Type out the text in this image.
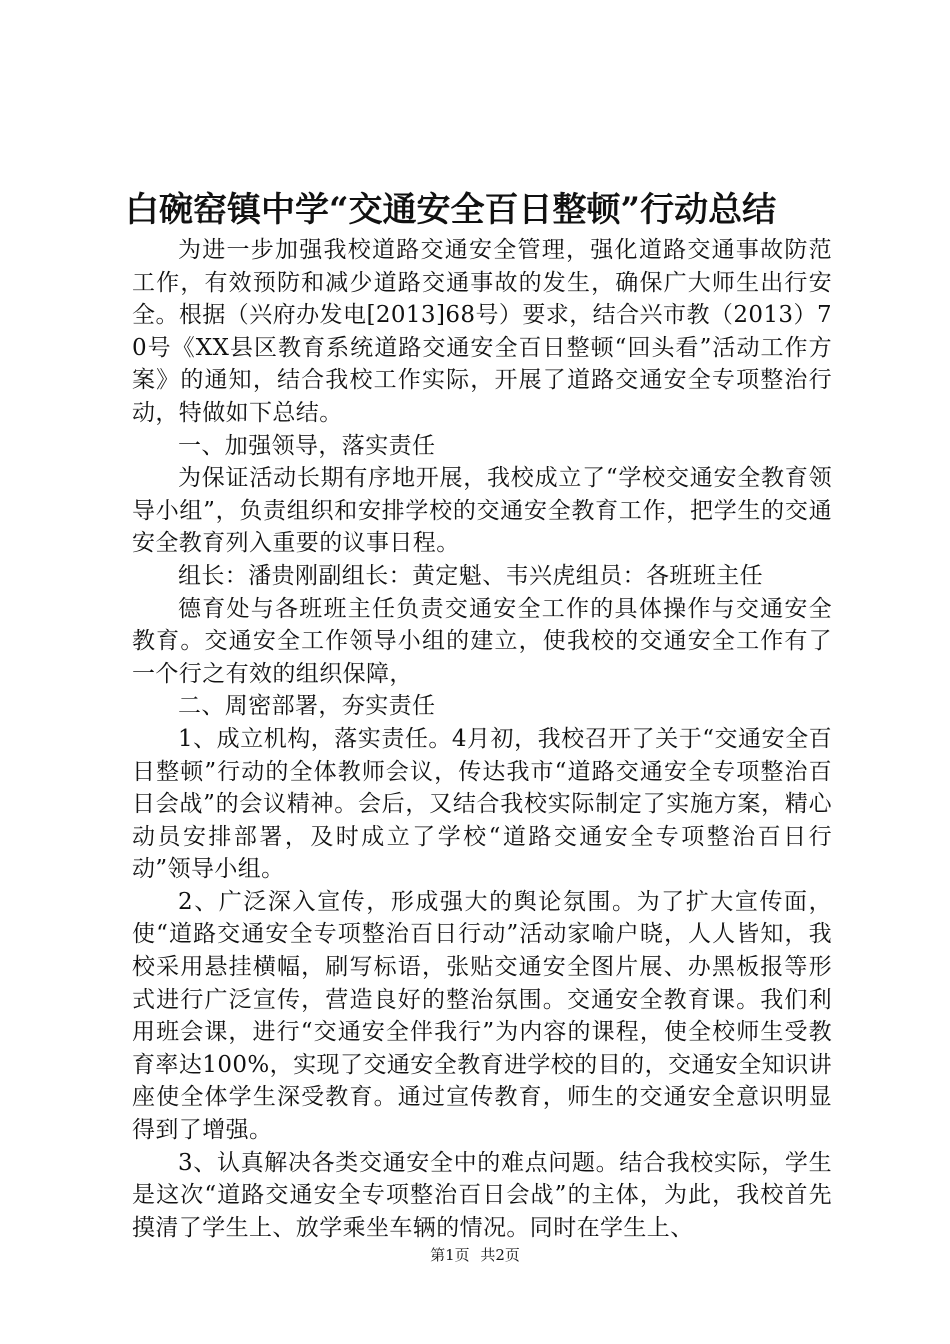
白碗窑镇中学“交通安全百日整顿”行动总结

为进一步加强我校道路交通安全管理，强化道路交通事故防范工作，有效预防和减少道路交通事故的发生，确保广大师生出行安全。根据（兴府办发电[2013]68号）要求，结合兴市教（2013）70号《XX县区教育系统道路交通安全百日整顿“回头看”活动工作方案》的通知，结合我校工作实际，开展了道路交通安全专项整治行动，特做如下总结。

一、加强领导，落实责任

为保证活动长期有序地开展，我校成立了“学校交通安全教育领导小组”，负责组织和安排学校的交通安全教育工作，把学生的交通安全教育列入重要的议事日程。

组长：潘贵刚副组长：黄定魁、韦兴虎组员：各班班主任

德育处与各班班主任负责交通安全工作的具体操作与交通安全教育。交通安全工作领导小组的建立，使我校的交通安全工作有了一个行之有效的组织保障，

二、周密部署，夯实责任

1、成立机构，落实责任。4月初，我校召开了关于“交通安全百日整顿”行动的全体教师会议，传达我市“道路交通安全专项整治百日会战”的会议精神。会后，又结合我校实际制定了实施方案，精心动员安排部署，及时成立了学校“道路交通安全专项整治百日行动”领导小组。

2、广泛深入宣传，形成强大的舆论氛围。为了扩大宣传面，使“道路交通安全专项整治百日行动”活动家喻户晓，人人皆知，我校采用悬挂横幅，刷写标语，张贴交通安全图片展、办黑板报等形式进行广泛宣传，营造良好的整治氛围。交通安全教育课。我们利用班会课，进行“交通安全伴我行”为内容的课程，使全校师生受教育率达100%，实现了交通安全教育进学校的目的，交通安全知识讲座使全体学生深受教育。通过宣传教育，师生的交通安全意识明显得到了增强。

3、认真解决各类交通安全中的难点问题。结合我校实际，学生是这次“道路交通安全专项整治百日会战”的主体，为此，我校首先摸清了学生上、放学乘坐车辆的情况。同时在学生上、

第1页 共2页
